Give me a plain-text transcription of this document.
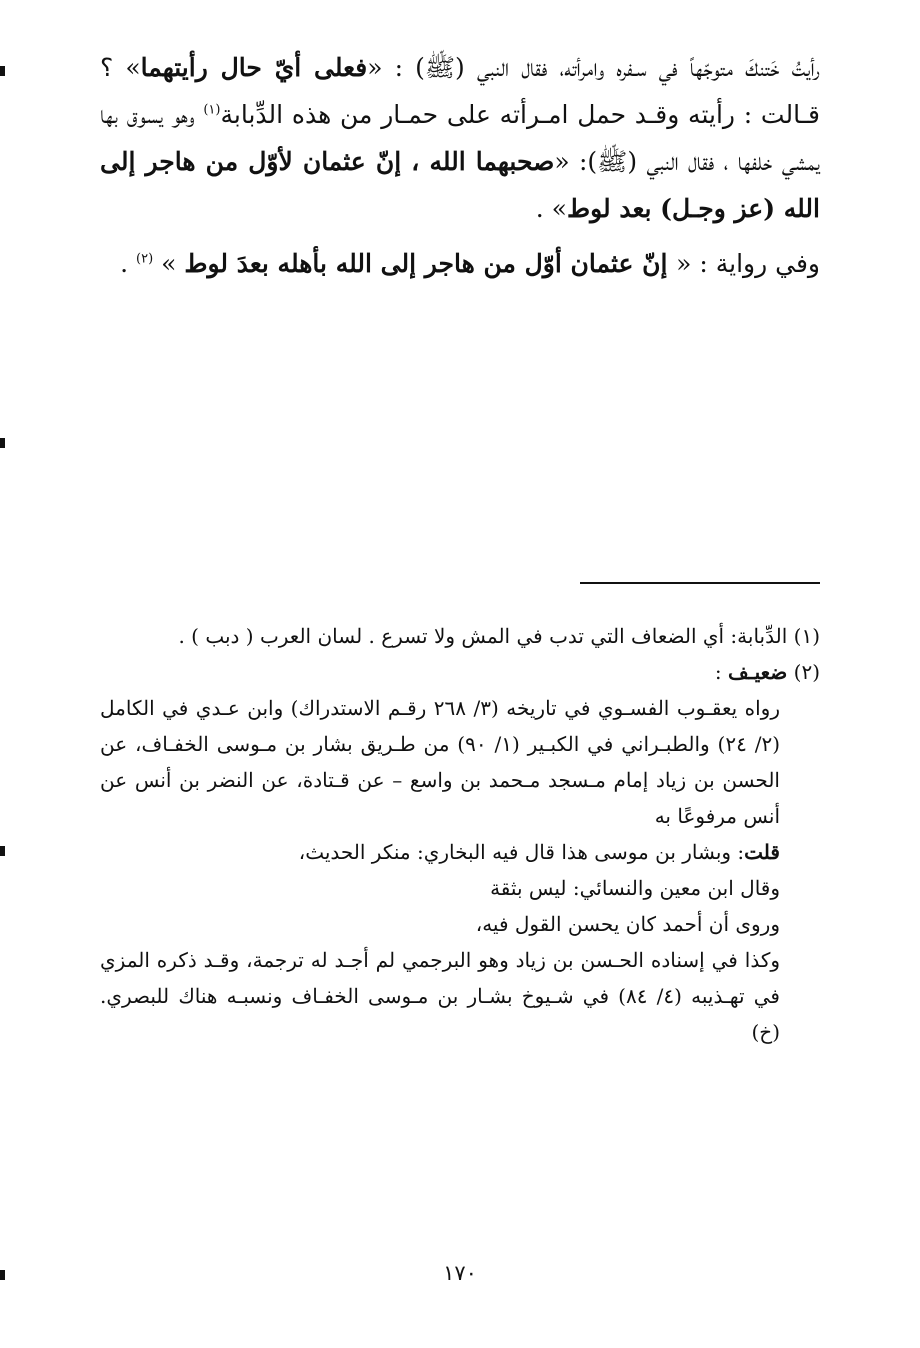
رأيتُ خَتنكَ متوجّهاً في سـفره وامرأته، فقال النبي (ﷺ) : «فعلى أيّ حال رأيتهما» ؟ قـالت : رأيته وقـد حمل امـرأته على حمـار من هذه الدِّبابة$^{(١)}$ وهو يسوق بها يمشي خلفها ، فقال النبي (ﷺ): «صحبهما الله ، إنّ عثمان لأوّل من هاجر إلى الله (عز وجـل) بعد لوط» .

وفي رواية : « إنّ عثمان أوّل من هاجر إلى الله بأهله بعدَ لوط » $^{(٢)}$ .

(١) الدِّبابة: أي الضعاف التي تدب في المش ولا تسرع . لسان العرب ( دبب ) .

(٢) ضعيـف :

رواه يعقـوب الفسـوي في تاريخه (٣/ ٢٦٨ رقـم الاستدراك) وابن عـدي في الكامل (٢/ ٢٤) والطبـراني في الكبـير (١/ ٩٠) من طـريق بشار بن مـوسى الخفـاف، عن الحسن بن زياد إمام مـسجد مـحمد بن واسع – عن قـتادة، عن النضر بن أنس عن أنس مرفوعًا به

قلت: وبشار بن موسى هذا قال فيه البخاري: منكر الحديث،

وقال ابن معين والنسائي: ليس بثقة

وروى أن أحمد كان يحسن القول فيه،

وكذا في إسناده الحـسن بن زياد وهو البرجمي لم أجـد له ترجمة، وقـد ذكره المزي في تهـذيبه (٤/ ٨٤) في شـيوخ بشـار بن مـوسى الخفـاف ونسبـه هناك للبصري. (خ)

١٧٠
